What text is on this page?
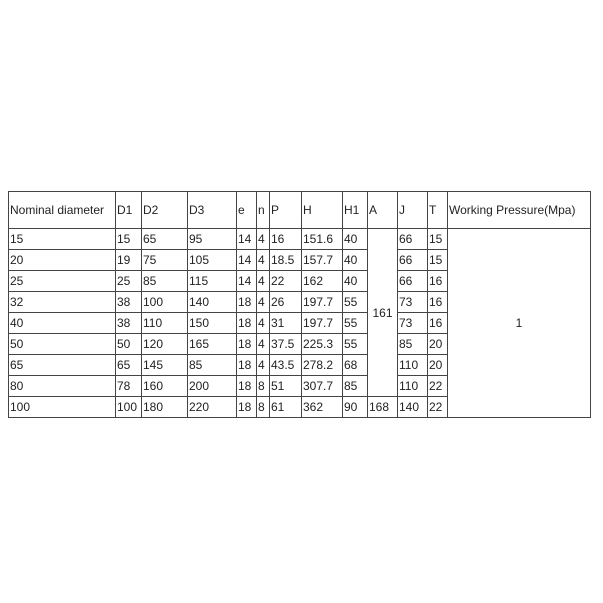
Nominal diameter	D1	D2	D3	e	n	P	H	H1	A	J	T	Working Pressure(Mpa)
15	15	65	95	14	4	16	151.6	40	161	66	15	1
20	19	75	105	14	4	18.5	157.7	40		66	15	
25	25	85	115	14	4	22	162	40		66	16	
32	38	100	140	18	4	26	197.7	55		73	16	
40	38	110	150	18	4	31	197.7	55		73	16	
50	50	120	165	18	4	37.5	225.3	55		85	20	
65	65	145	85	18	4	43.5	278.2	68		110	20	
80	78	160	200	18	8	51	307.7	85		110	22	
100	100	180	220	18	8	61	362	90	168	140	22	
